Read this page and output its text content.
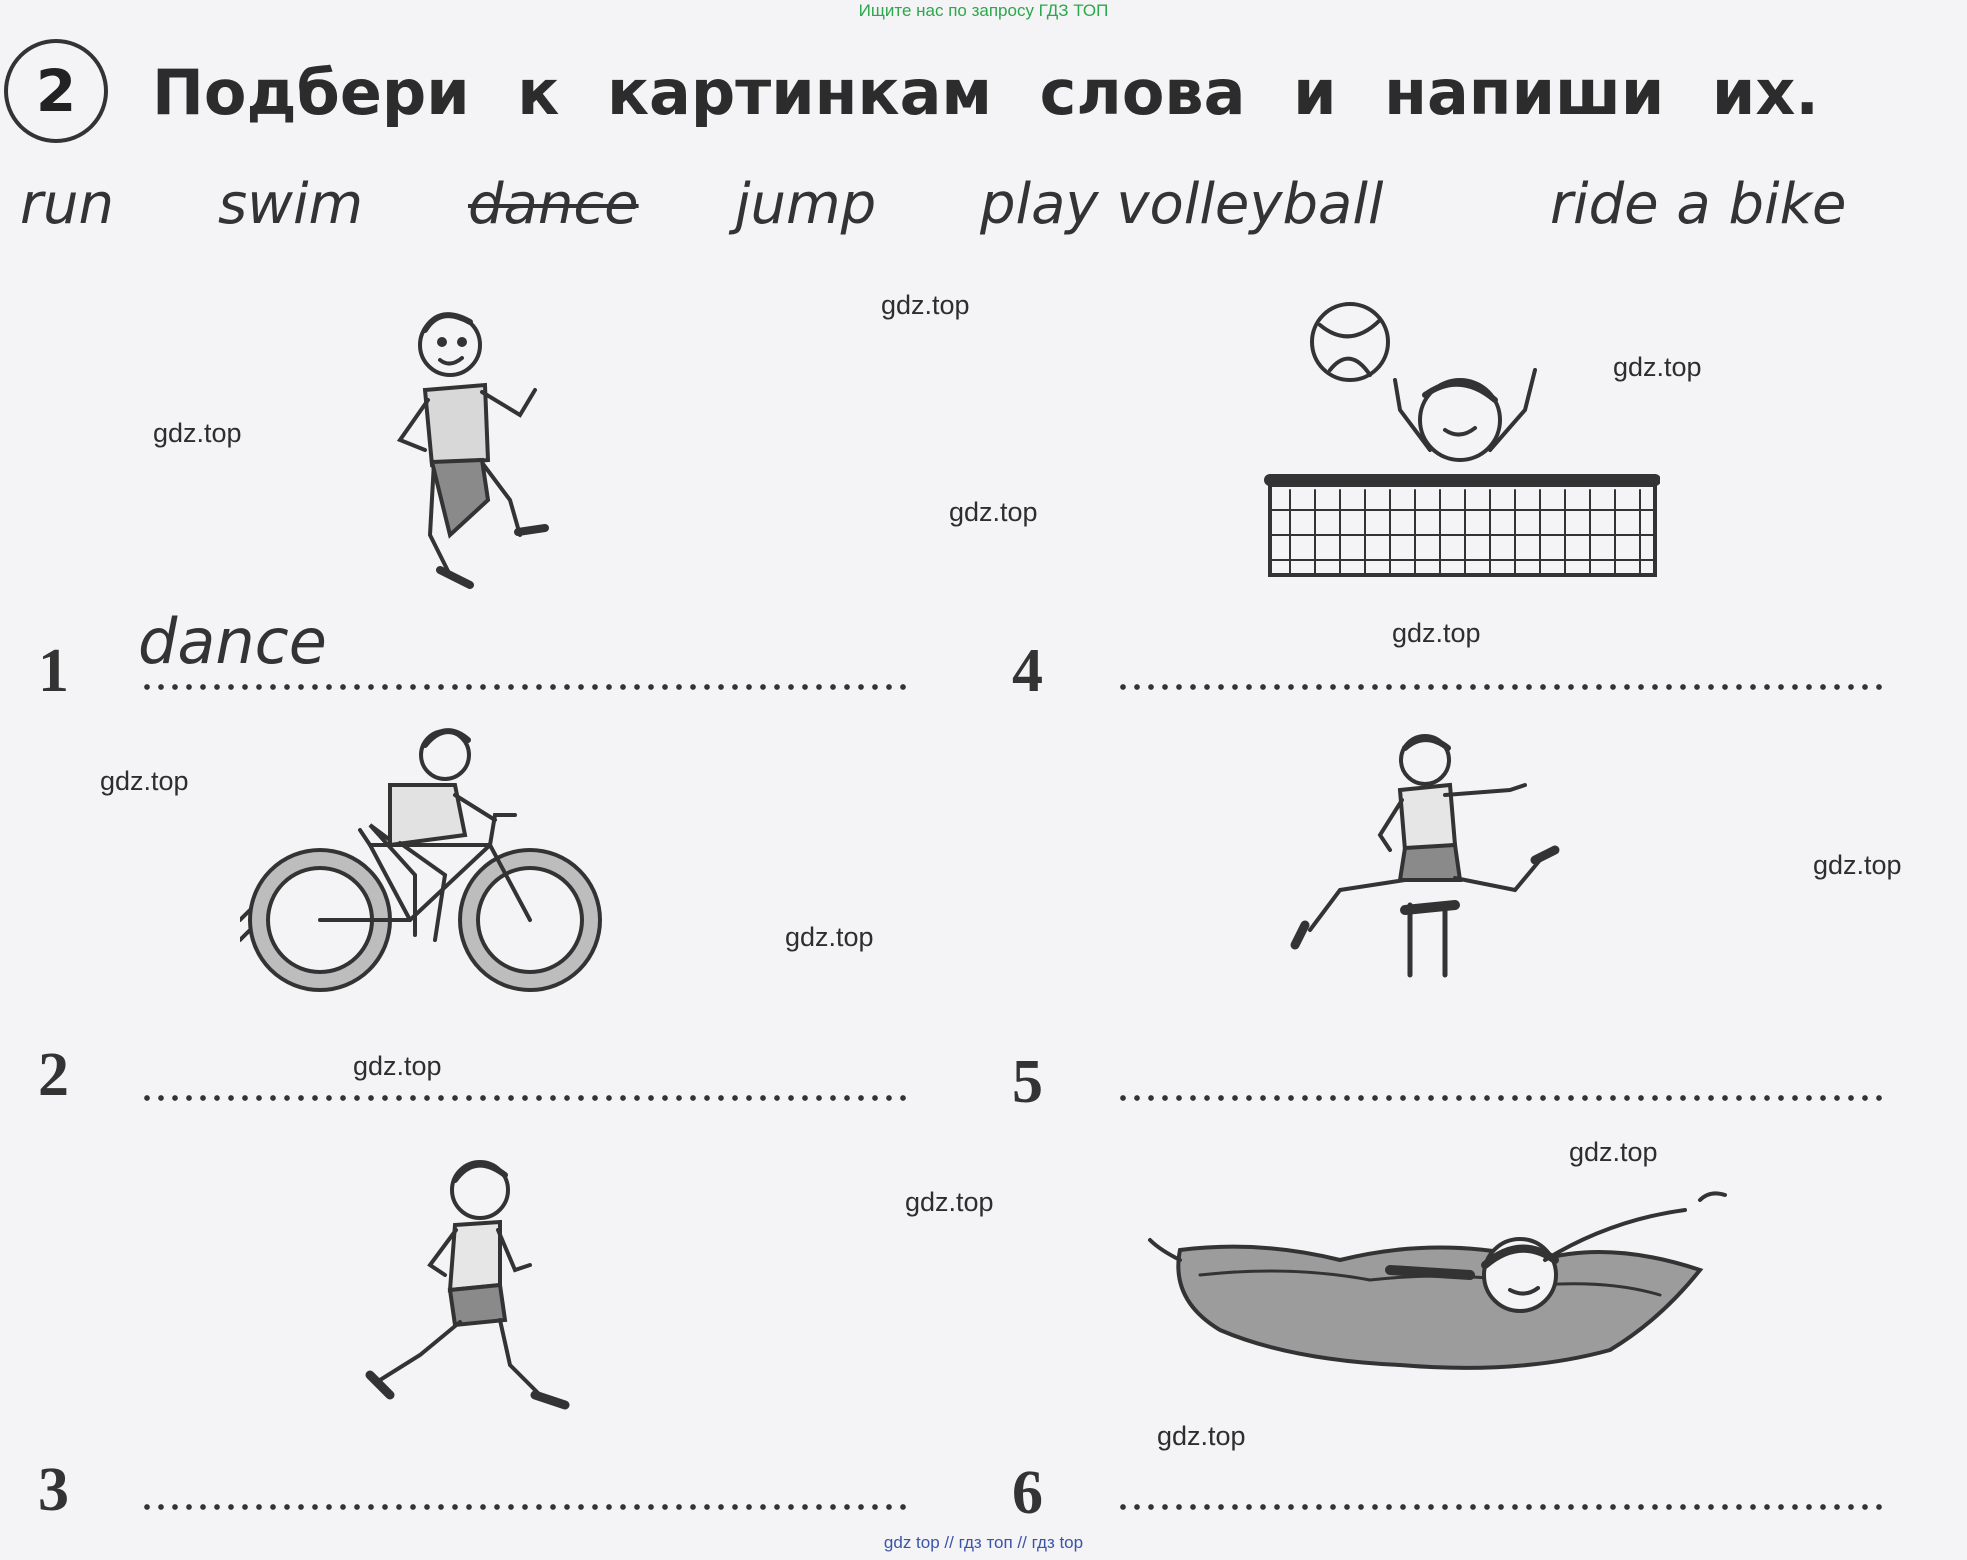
Ищите нас по запросу ГДЗ ТОП
2 Подбери к картинкам слова и напиши их.
run swim dance jump play volleyball	ride a bike
1 dance
2
3
4
5
6
gdz.top
gdz.top
gdz.top
gdz.top
gdz.top
gdz.top
gdz.top
gdz.top
gdz.top
gdz.top
gdz.top
gdz.top
gdz top // гдз топ // гдз top
